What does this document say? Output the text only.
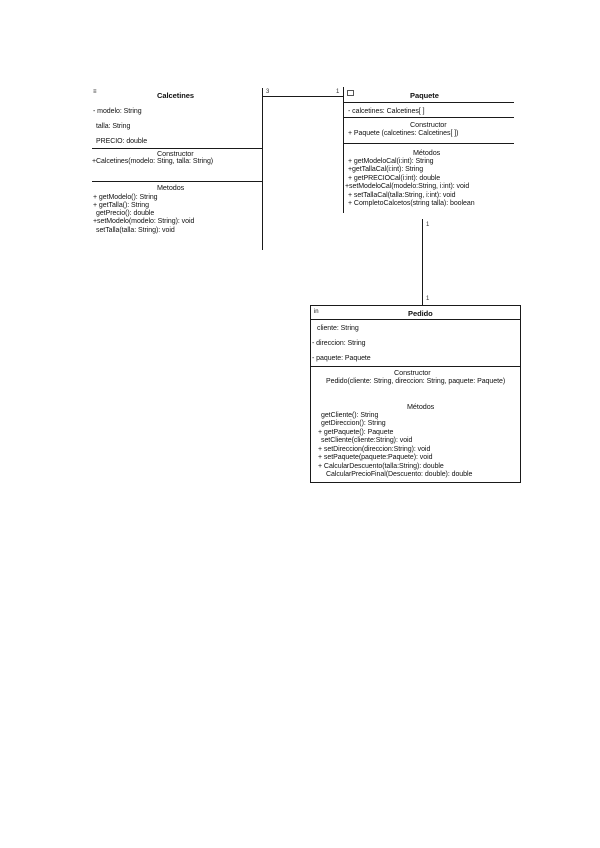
≡	Calcetines
- modelo: String
talla: String
PRECIO: double
Constructor
+Calcetines(modelo: Sting, talla: String)
Metodos
+ getModelo(): String
+ getTalla(): String
getPrecio(): double
+setModelo(modelo: String): void
setTalla(talla: String): void
3	1	Paquete
- calcetines: Calcetines[ ]
Constructor
+ Paquete (calcetines: Calcetines[ ])
Métodos
+ getModeloCal(i:int): String
+getTallaCal(i:int): String
+ getPRECIOCal(i:int): double
+setModeloCal(modelo:String, i:int): void
+ setTallaCal(talla:String, i:int): void
+ CompletoCalcetos(string talla): boolean
1
1
in	Pedido
cliente: String
- direccion: String
- paquete: Paquete
Constructor
Pedido(cliente: String, direccion: String, paquete: Paquete)
Métodos
getCliente(): String
getDireccion(): String
+ getPaquete(): Paquete
setCliente(cliente:String): void
+ setDireccion(direccion:String): void
+ setPaquete(paquete:Paquete): void
+ CalcularDescuento(talla:String): double
CalcularPrecioFinal(Descuento: double): double
